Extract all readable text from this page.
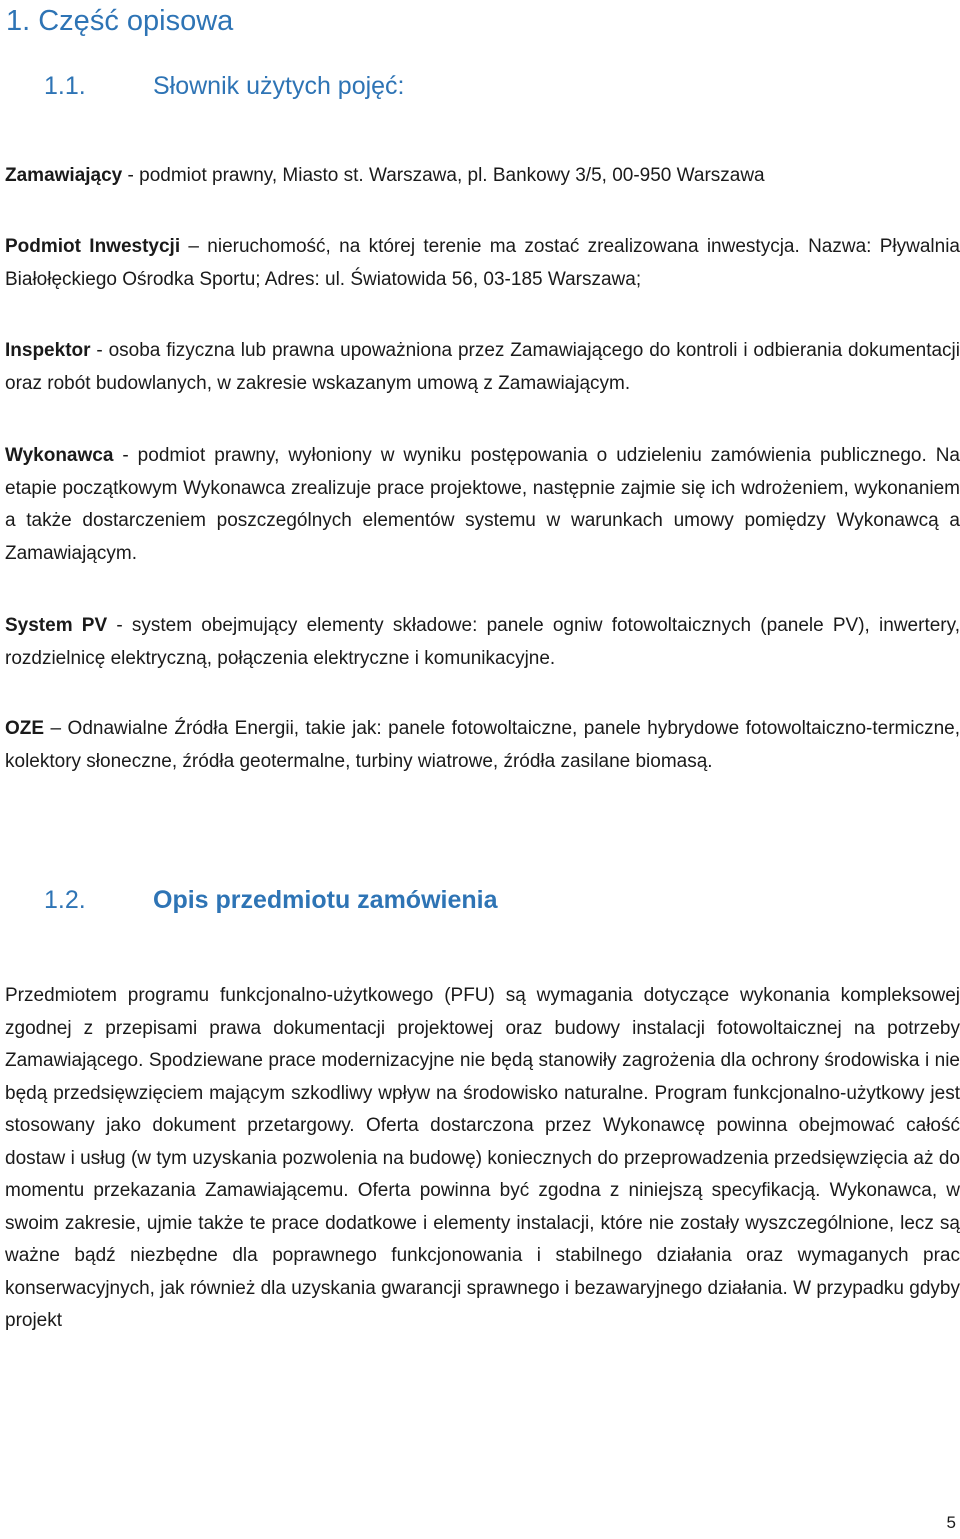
1. Część opisowa
1.1.	Słownik użytych pojęć:

Zamawiający - podmiot prawny, Miasto st. Warszawa, pl. Bankowy 3/5, 00-950 Warszawa

Podmiot Inwestycji – nieruchomość, na której terenie ma zostać zrealizowana inwestycja. Nazwa: Pływalnia Białołęckiego Ośrodka Sportu; Adres: ul. Światowida 56, 03-185 Warszawa;

Inspektor - osoba fizyczna lub prawna upoważniona przez Zamawiającego do kontroli i odbierania dokumentacji oraz robót budowlanych, w zakresie wskazanym umową z Zamawiającym.

Wykonawca - podmiot prawny, wyłoniony w wyniku postępowania o udzieleniu zamówienia publicznego. Na etapie początkowym Wykonawca zrealizuje prace projektowe, następnie zajmie się ich wdrożeniem, wykonaniem a także dostarczeniem poszczególnych elementów systemu w warunkach umowy pomiędzy Wykonawcą a Zamawiającym.

System PV - system obejmujący elementy składowe: panele ogniw fotowoltaicznych (panele PV), inwertery, rozdzielnicę elektryczną, połączenia elektryczne i komunikacyjne.

OZE – Odnawialne Źródła Energii, takie jak: panele fotowoltaiczne, panele hybrydowe fotowoltaiczno-termiczne, kolektory słoneczne, źródła geotermalne, turbiny wiatrowe, źródła zasilane biomasą.

1.2.	Opis przedmiotu zamówienia

Przedmiotem programu funkcjonalno-użytkowego (PFU) są wymagania dotyczące wykonania kompleksowej zgodnej z przepisami prawa dokumentacji projektowej oraz budowy instalacji fotowoltaicznej na potrzeby Zamawiającego. Spodziewane prace modernizacyjne nie będą stanowiły zagrożenia dla ochrony środowiska i nie będą przedsięwzięciem mającym szkodliwy wpływ na środowisko naturalne. Program funkcjonalno-użytkowy jest stosowany jako dokument przetargowy. Oferta dostarczona przez Wykonawcę powinna obejmować całość dostaw i usług (w tym uzyskania pozwolenia na budowę) koniecznych do przeprowadzenia przedsięwzięcia aż do momentu przekazania Zamawiającemu. Oferta powinna być zgodna z niniejszą specyfikacją. Wykonawca, w swoim zakresie, ujmie także te prace dodatkowe i elementy instalacji, które nie zostały wyszczególnione, lecz są ważne bądź niezbędne dla poprawnego funkcjonowania i stabilnego działania oraz wymaganych prac konserwacyjnych, jak również dla uzyskania gwarancji sprawnego i bezawaryjnego działania. W przypadku gdyby projekt

5
